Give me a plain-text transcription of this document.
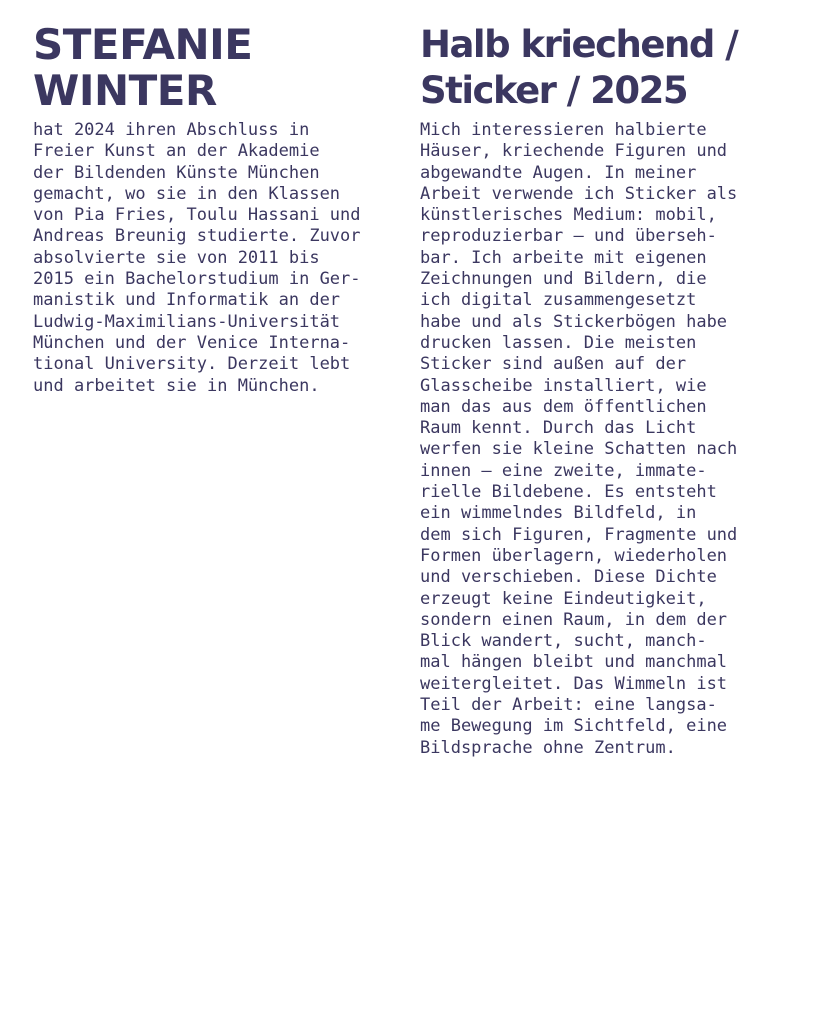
STEFANIE
WINTER
hat 2024 ihren Abschluss in
Freier Kunst an der Akademie
der Bildenden Künste München
gemacht, wo sie in den Klassen
von Pia Fries, Toulu Hassani und
Andreas Breunig studierte. Zuvor
absolvierte sie von 2011 bis
2015 ein Bachelorstudium in Ger-
manistik und Informatik an der
Ludwig-Maximilians-Universität
München und der Venice Interna-
tional University. Derzeit lebt
und arbeitet sie in München.
Halb kriechend /
Sticker / 2025
Mich interessieren halbierte
Häuser, kriechende Figuren und
abgewandte Augen. In meiner
Arbeit verwende ich Sticker als
künstlerisches Medium: mobil,
reproduzierbar – und überseh-
bar. Ich arbeite mit eigenen
Zeichnungen und Bildern, die
ich digital zusammengesetzt
habe und als Stickerbögen habe
drucken lassen. Die meisten
Sticker sind außen auf der
Glasscheibe installiert, wie
man das aus dem öffentlichen
Raum kennt. Durch das Licht
werfen sie kleine Schatten nach
innen – eine zweite, immate-
rielle Bildebene. Es entsteht
ein wimmelndes Bildfeld, in
dem sich Figuren, Fragmente und
Formen überlagern, wiederholen
und verschieben. Diese Dichte
erzeugt keine Eindeutigkeit,
sondern einen Raum, in dem der
Blick wandert, sucht, manch-
mal hängen bleibt und manchmal
weitergleitet. Das Wimmeln ist
Teil der Arbeit: eine langsa-
me Bewegung im Sichtfeld, eine
Bildsprache ohne Zentrum.
